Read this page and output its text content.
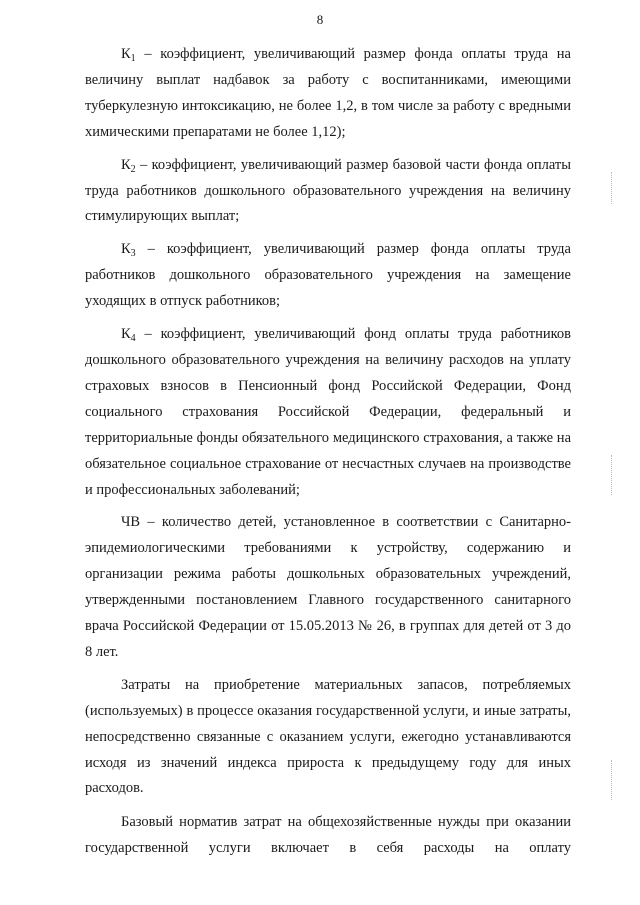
8

$К_1$ – коэффициент, увеличивающий размер фонда оплаты труда на величину выплат надбавок за работу с воспитанниками, имеющими туберкулезную интоксикацию, не более 1,2, в том числе за работу с вредными химическими препаратами не более 1,12);

$К_2$ – коэффициент, увеличивающий размер базовой части фонда оплаты труда работников дошкольного образовательного учреждения на величину стимулирующих выплат;

$К_3$ – коэффициент, увеличивающий размер фонда оплаты труда работников дошкольного образовательного учреждения на замещение уходящих в отпуск работников;

$К_4$ – коэффициент, увеличивающий фонд оплаты труда работников дошкольного образовательного учреждения на величину расходов на уплату страховых взносов в Пенсионный фонд Российской Федерации, Фонд социального страхования Российской Федерации, федеральный и территориальные фонды обязательного медицинского страхования, а также на обязательное социальное страхование от несчастных случаев на производстве и профессиональных заболеваний;

ЧВ – количество детей, установленное в соответствии с Санитарно-эпидемиологическими требованиями к устройству, содержанию и организации режима работы дошкольных образовательных учреждений, утвержденными постановлением Главного государственного санитарного врача Российской Федерации от 15.05.2013 № 26, в группах для детей от 3 до 8 лет.

Затраты на приобретение материальных запасов, потребляемых (используемых) в процессе оказания государственной услуги, и иные затраты, непосредственно связанные с оказанием услуги, ежегодно устанавливаются исходя из значений индекса прироста к предыдущему году для иных расходов.

Базовый норматив затрат на общехозяйственные нужды при оказании государственной услуги включает в себя расходы на оплату
